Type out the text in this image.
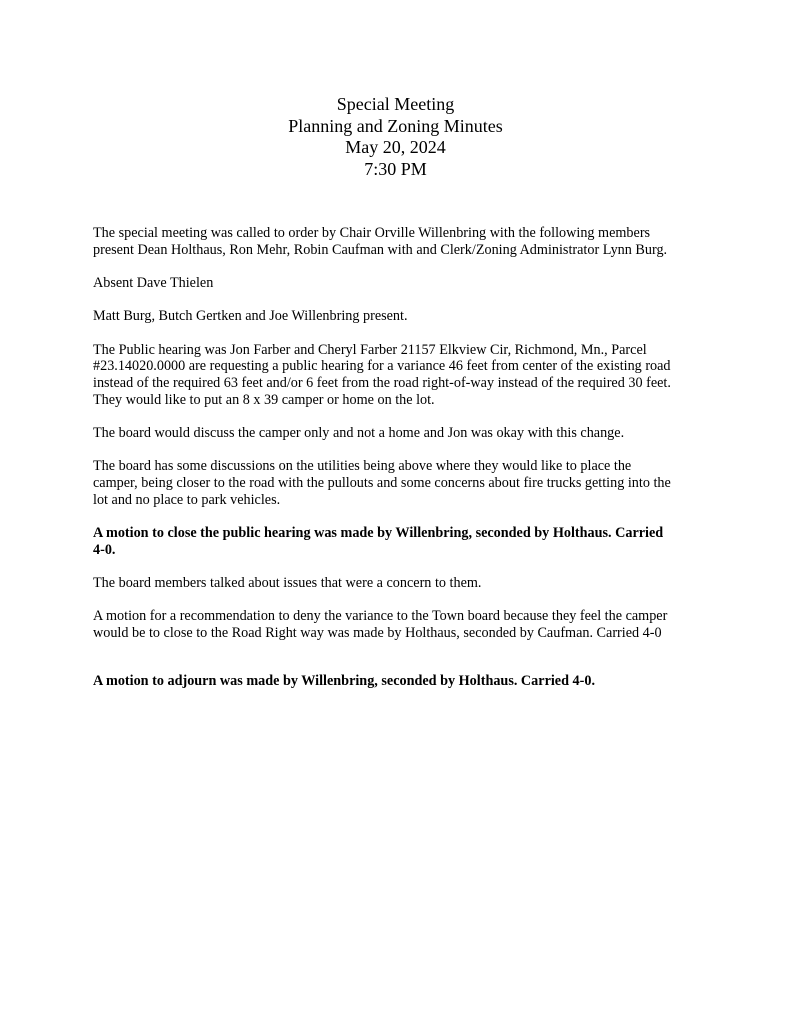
Special Meeting
Planning and Zoning Minutes
May 20, 2024
7:30 PM

The special meeting was called to order by Chair Orville Willenbring with the following members
present Dean Holthaus, Ron Mehr, Robin Caufman with and Clerk/Zoning Administrator Lynn Burg.

Absent Dave Thielen

Matt Burg, Butch Gertken and Joe Willenbring present.

The Public hearing was Jon Farber and Cheryl Farber 21157 Elkview Cir, Richmond, Mn., Parcel
#23.14020.0000 are requesting a public hearing for a variance 46 feet from center of the existing road
instead of the required 63 feet and/or 6 feet from the road right-of-way instead of the required 30 feet.
They would like to put an 8 x 39 camper or home on the lot.

The board would discuss the camper only and not a home and Jon was okay with this change.

The board has some discussions on the utilities being above where they would like to place the
camper, being closer to the road with the pullouts and some concerns about fire trucks getting into the
lot and no place to park vehicles.

A motion to close the public hearing was made by Willenbring, seconded by Holthaus. Carried
4-0.

The board members talked about issues that were a concern to them.

A motion for a recommendation to deny the variance to the Town board because they feel the camper
would be to close to the Road Right way was made by Holthaus, seconded by Caufman. Carried 4-0

A motion to adjourn was made by Willenbring, seconded by Holthaus. Carried 4-0.
